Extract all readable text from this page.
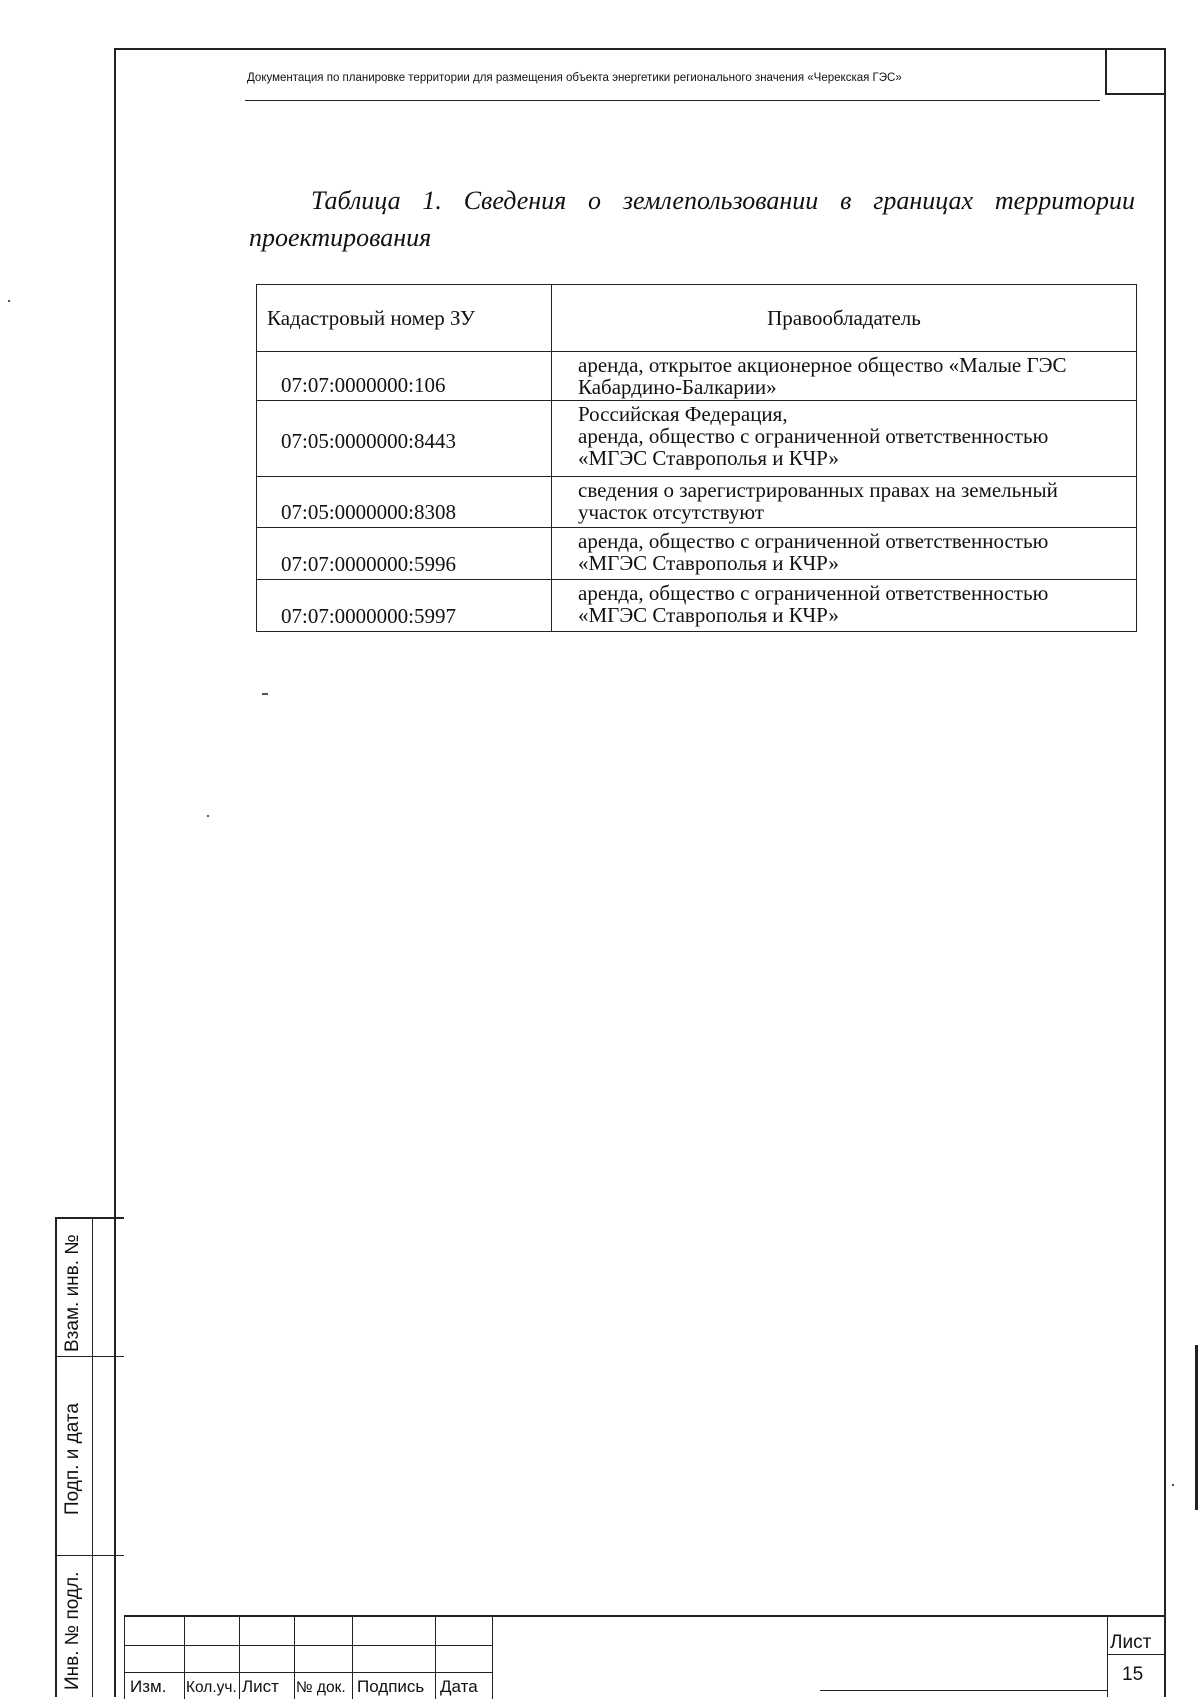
Документация по планировке территории для размещения объекта энергетики регионального значения «Черекская ГЭС»
Таблица 1. Сведения о землепользовании в границах территории проектирования
Кадастровый номер ЗУ	Правообладатель
07:07:0000000:106	аренда, открытое акционерное общество «Малые ГЭС
Кабардино-Балкарии»
07:05:0000000:8443	Российская Федерация,
аренда, общество с ограниченной ответственностью
«МГЭС Ставрополья и КЧР»
07:05:0000000:8308	сведения о зарегистрированных правах на земельный
участок отсутствуют
07:07:0000000:5996	аренда, общество с ограниченной ответственностью
«МГЭС Ставрополья и КЧР»
07:07:0000000:5997	аренда, общество с ограниченной ответственностью
«МГЭС Ставрополья и КЧР»
Взам. инв. №
Подп. и дата
Инв. № подл.	Изм. Кол.уч. Лист № док. Подпись Дата
Лист
15
